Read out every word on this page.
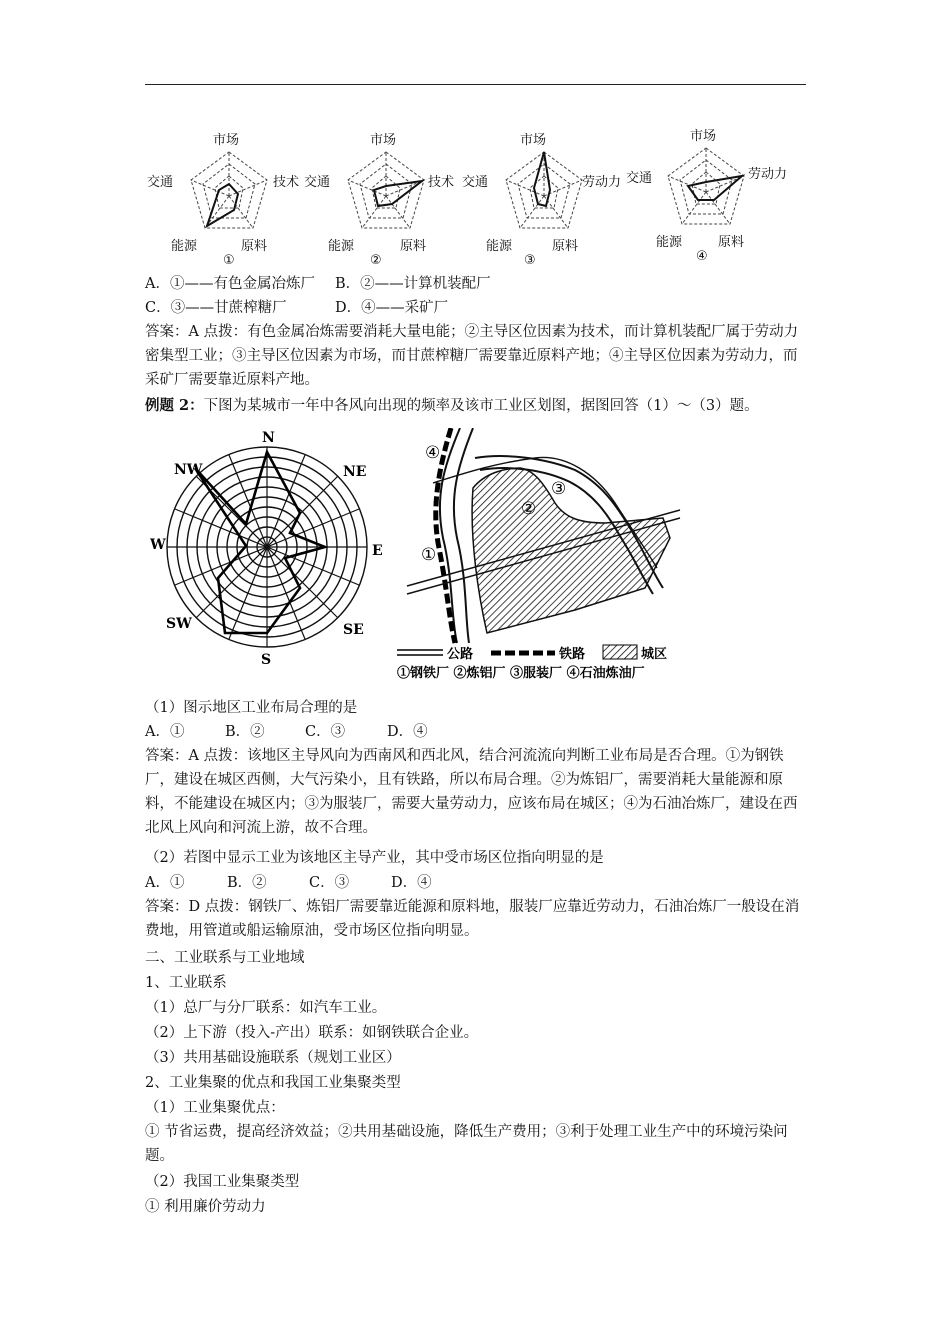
市场
交通	技术
能源	原料
①
市场
交通	技术
能源	原料
②
市场
交通	劳动力
能源	原料
③
市场
交通	劳动力
能源	原料
④
A．①——有色金属冶炼厂 B．②——计算机装配厂
C．③——甘蔗榨糖厂	D．④——采矿厂
答案：A 点拨：有色金属冶炼需要消耗大量电能；②主导区位因素为技术，而计算机装配厂属于劳动力密集型工业；③主导区位因素为市场，而甘蔗榨糖厂需要靠近原料产地；④主导区位因素为劳动力，而采矿厂需要靠近原料产地。
例题 2：下图为某城市一年中各风向出现的频率及该市工业区划图，据图回答（1）～（3）题。
N
NE
E
SE
S
SW
W
NW
④
②
③
①
公路	铁路	城区
①钢铁厂 ②炼铝厂 ③服装厂 ④石油炼油厂
（1）图示地区工业布局合理的是
A．①	B．②	C．③	D．④
答案：A 点拨：该地区主导风向为西南风和西北风，结合河流流向判断工业布局是否合理。①为钢铁厂，建设在城区西侧，大气污染小，且有铁路，所以布局合理。②为炼铝厂，需要消耗大量能源和原料，不能建设在城区内；③为服装厂，需要大量劳动力，应该布局在城区；④为石油冶炼厂，建设在西北风上风向和河流上游，故不合理。
（2）若图中显示工业为该地区主导产业，其中受市场区位指向明显的是
A．①	B．②	C．③	D．④
答案：D 点拨：钢铁厂、炼铝厂需要靠近能源和原料地，服装厂应靠近劳动力，石油冶炼厂一般设在消费地，用管道或船运输原油，受市场区位指向明显。
二、工业联系与工业地域
1、工业联系
（1）总厂与分厂联系：如汽车工业。
（2）上下游（投入-产出）联系：如钢铁联合企业。
（3）共用基础设施联系（规划工业区）
2、工业集聚的优点和我国工业集聚类型
（1）工业集聚优点：
① 节省运费，提高经济效益；②共用基础设施，降低生产费用；③利于处理工业生产中的环境污染问题。
（2）我国工业集聚类型
① 利用廉价劳动力
